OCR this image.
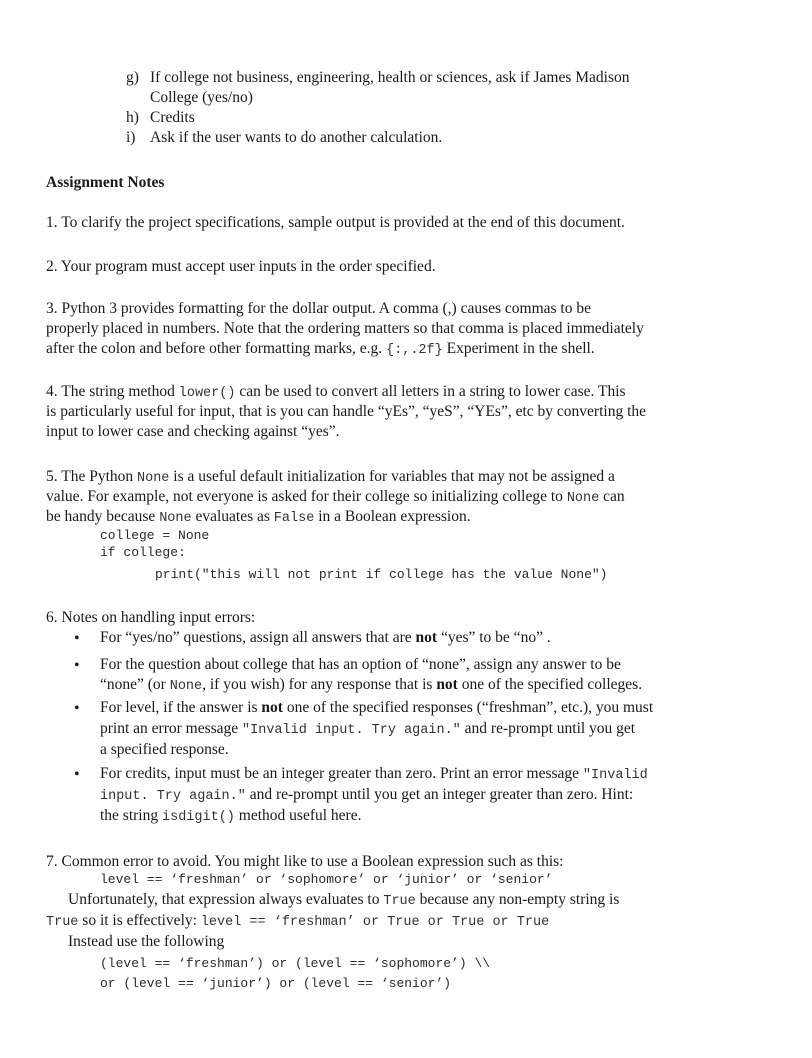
g) If college not business, engineering, health or sciences, ask if James Madison
College (yes/no)
h) Credits
i) Ask if the user wants to do another calculation.
Assignment Notes
1. To clarify the project specifications, sample output is provided at the end of this document.
2. Your program must accept user inputs in the order specified.
3. Python 3 provides formatting for the dollar output. A comma (,) causes commas to be
properly placed in numbers. Note that the ordering matters so that comma is placed immediately
after the colon and before other formatting marks, e.g. {:,.2f} Experiment in the shell.
4. The string method lower() can be used to convert all letters in a string to lower case. This
is particularly useful for input, that is you can handle “yEs”, “yeS”, “YEs”, etc by converting the
input to lower case and checking against “yes”.
5. The Python None is a useful default initialization for variables that may not be assigned a
value. For example, not everyone is asked for their college so initializing college to None can
be handy because None evaluates as False in a Boolean expression.
college = None
if college:
print("this will not print if college has the value None")
6. Notes on handling input errors:
• For “yes/no” questions, assign all answers that are not “yes” to be “no” .
• For the question about college that has an option of “none”, assign any answer to be
“none” (or None, if you wish) for any response that is not one of the specified colleges.
• For level, if the answer is not one of the specified responses (“freshman”, etc.), you must
print an error message "Invalid input. Try again." and re-prompt until you get
a specified response.
• For credits, input must be an integer greater than zero. Print an error message "Invalid
input. Try again." and re-prompt until you get an integer greater than zero. Hint:
the string isdigit() method useful here.
7. Common error to avoid. You might like to use a Boolean expression such as this:
level == ‘freshman’ or ‘sophomore’ or ‘junior’ or ‘senior’
Unfortunately, that expression always evaluates to True because any non-empty string is
True so it is effectively: level == ‘freshman’ or True or True or True
Instead use the following
(level == ‘freshman’) or (level == ‘sophomore’) \\
or (level == ‘junior’) or (level == ‘senior’)
